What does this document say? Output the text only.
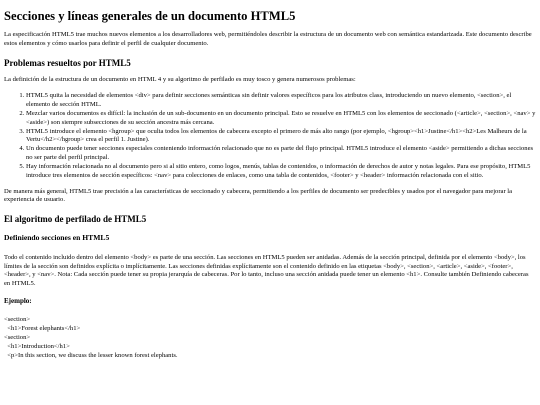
Secciones y líneas generales de un documento HTML5

La especificación HTML5 trae muchos nuevos elementos a los desarrolladores web, permitiéndoles describir la estructura de un documento web con semántica estandarizada. Este documento describe estos elementos y cómo usarlos para definir el perfil de cualquier documento.

Problemas resueltos por HTML5

La definición de la estructura de un documento en HTML 4 y su algoritmo de perfilado es muy tosco y genera numerosos problemas:

1. HTML5 quita la necesidad de elementos <div> para definir secciones semánticas sin definir valores específicos para los atributos class, introduciendo un nuevo elemento, <section>, el elemento de sección HTML.
2. Mezclar varios documentos es difícil: la inclusión de un sub-documento en un documento principal. Esto se resuelve en HTML5 con los elementos de seccionado (<article>, <section>, <nav> y <aside>) son siempre subsecciones de su sección ancestra más cercana.
3. HTML5 introduce el elemento <hgroup> que oculta todos los elementos de cabecera excepto el primero de más alto rango (por ejemplo, <hgroup><h1>Justine</h1><h2>Les Malheurs de la Vertu</h2></hgroup> crea el perfil 1. Justine).
4. Un documento puede tener secciones especiales conteniendo información relacionado que no es parte del flujo principal. HTML5 introduce el elemento <aside> permitiendo a dichas secciones no ser parte del perfil principal.
5. Hay información relacionada no al documento pero si al sitio entero, como logos, menús, tablas de contenidos, o información de derechos de autor y notas legales. Para ese propósito, HTML5 introduce tres elementos de sección específicos: <nav> para colecciones de enlaces, como una tabla de contenidos, <footer> y <header> información relacionada con el sitio.

De manera más general, HTML5 trae precisión a las características de seccionado y cabecera, permitiendo a los perfiles de documento ser predecibles y usados por el navegador para mejorar la experiencia de usuario.

El algoritmo de perfilado de HTML5
Definiendo secciones en HTML5

Todo el contenido incluido dentro del elemento <body> es parte de una sección. Las secciones en HTML5 pueden ser anidadas. Además de la sección principal, definida por el elemento <body>, los límites de la sección son definidos explícita o implícitamente. Las secciones definidas explícitamente son el contenido definido en las etiquetas <body>, <section>, <article>, <aside>, <footer>, <header>, y <nav>. Nota: Cada sección puede tener su propia jerarquía de cabeceras. Por lo tanto, incluso una sección anidada puede tener un elemento <h1>. Consulte también Definiendo cabeceras en HTML5.

Ejemplo:
<section>
<h1>Forest elephants</h1>
<section>
<h1>Introduction</h1>
<p>In this section, we discuss the lesser known forest elephants.
